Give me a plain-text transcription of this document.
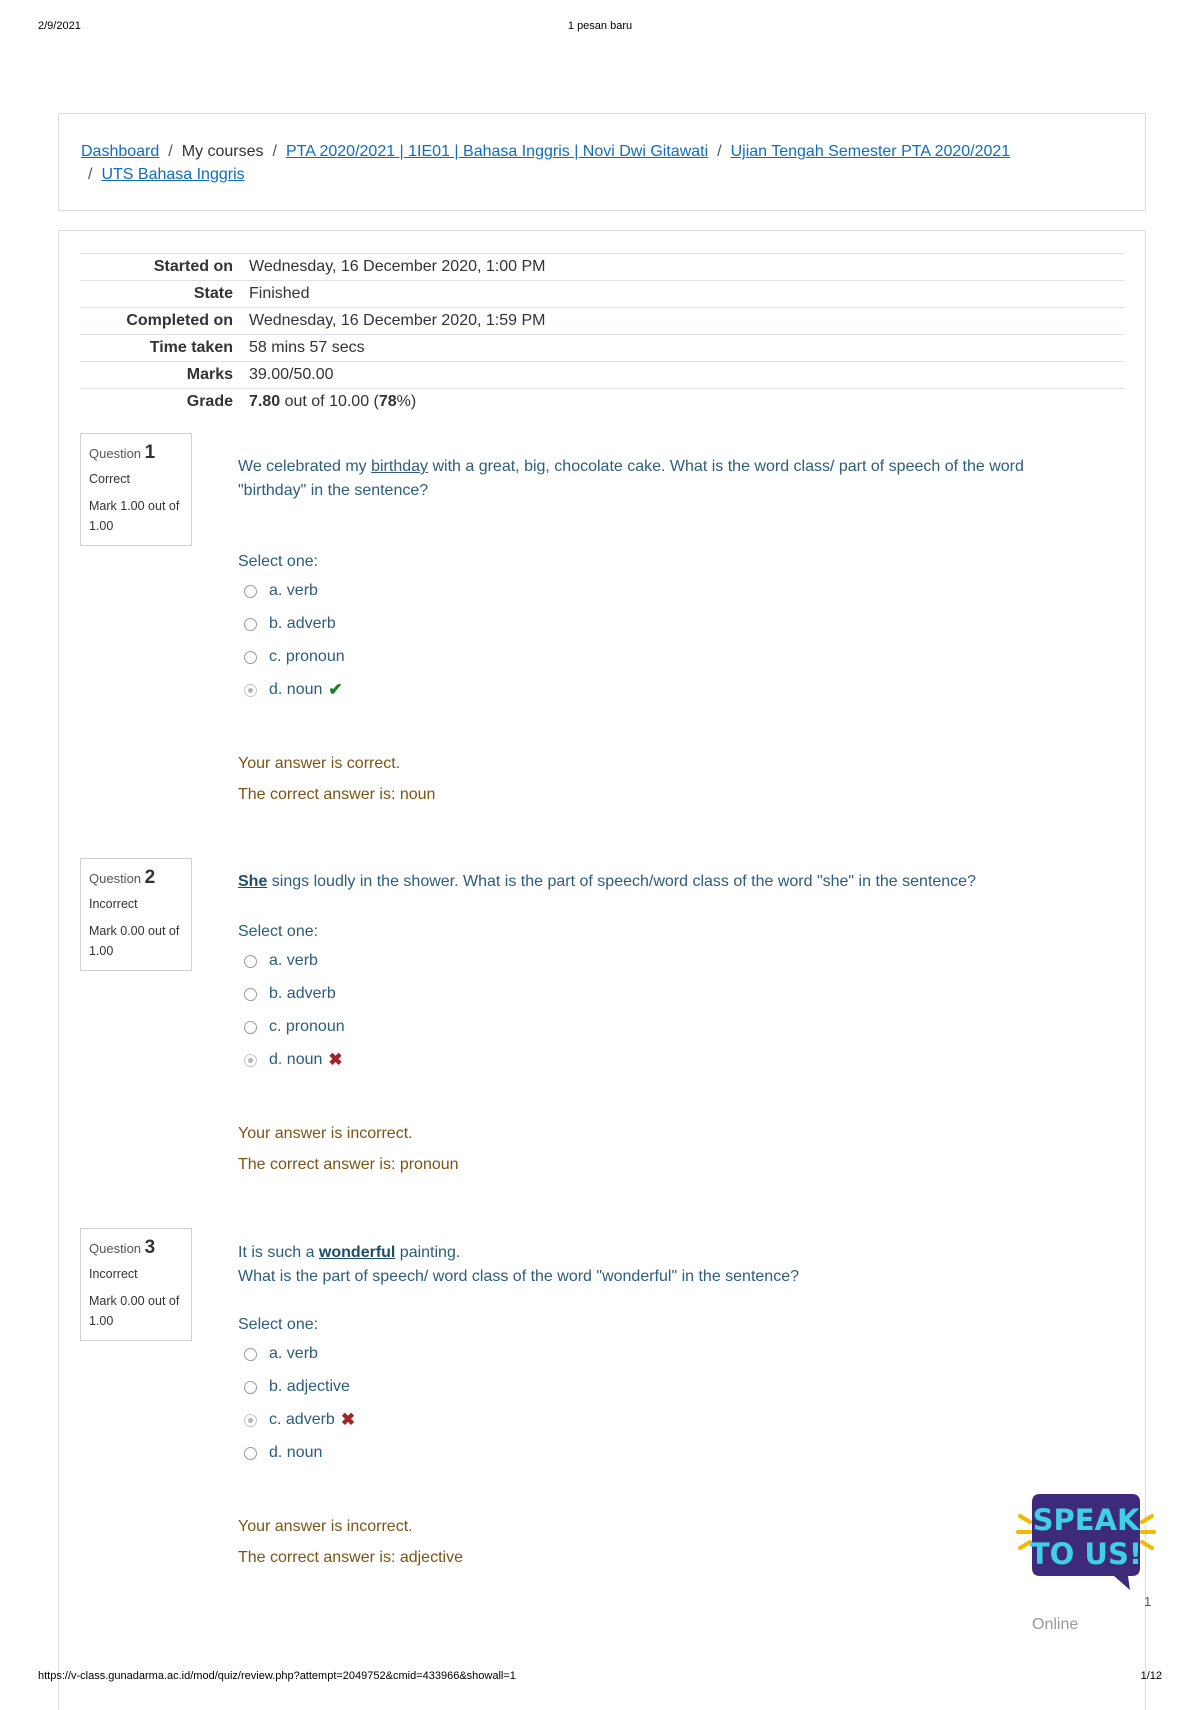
2/9/2021	1 pesan baru
Dashboard / My courses / PTA 2020/2021 | 1IE01 | Bahasa Inggris | Novi Dwi Gitawati / Ujian Tengah Semester PTA 2020/2021
/ UTS Bahasa Inggris
Started on	Wednesday, 16 December 2020, 1:00 PM
State	Finished
Completed on	Wednesday, 16 December 2020, 1:59 PM
Time taken	58 mins 57 secs
Marks	39.00/50.00
Grade	7.80 out of 10.00 (78%)
Question 1
Correct
Mark 1.00 out of 1.00
We celebrated my birthday with a great, big, chocolate cake. What is the word class/ part of speech of the word "birthday" in the sentence?
Select one:
a. verb
b. adverb
c. pronoun
d. noun ✔
Your answer is correct.
The correct answer is: noun
Question 2
Incorrect
Mark 0.00 out of 1.00
She sings loudly in the shower. What is the part of speech/word class of the word "she" in the sentence?
Select one:
a. verb
b. adverb
c. pronoun
d. noun ✖
Your answer is incorrect.
The correct answer is: pronoun
Question 3
Incorrect
Mark 0.00 out of 1.00
It is such a wonderful painting.
What is the part of speech/ word class of the word "wonderful" in the sentence?
Select one:
a. verb
b. adjective
c. adverb ✖
d. noun
Your answer is incorrect.
The correct answer is: adjective
SPEAK
TO US!
1
Online
https://v-class.gunadarma.ac.id/mod/quiz/review.php?attempt=2049752&cmid=433966&showall=1	1/12
